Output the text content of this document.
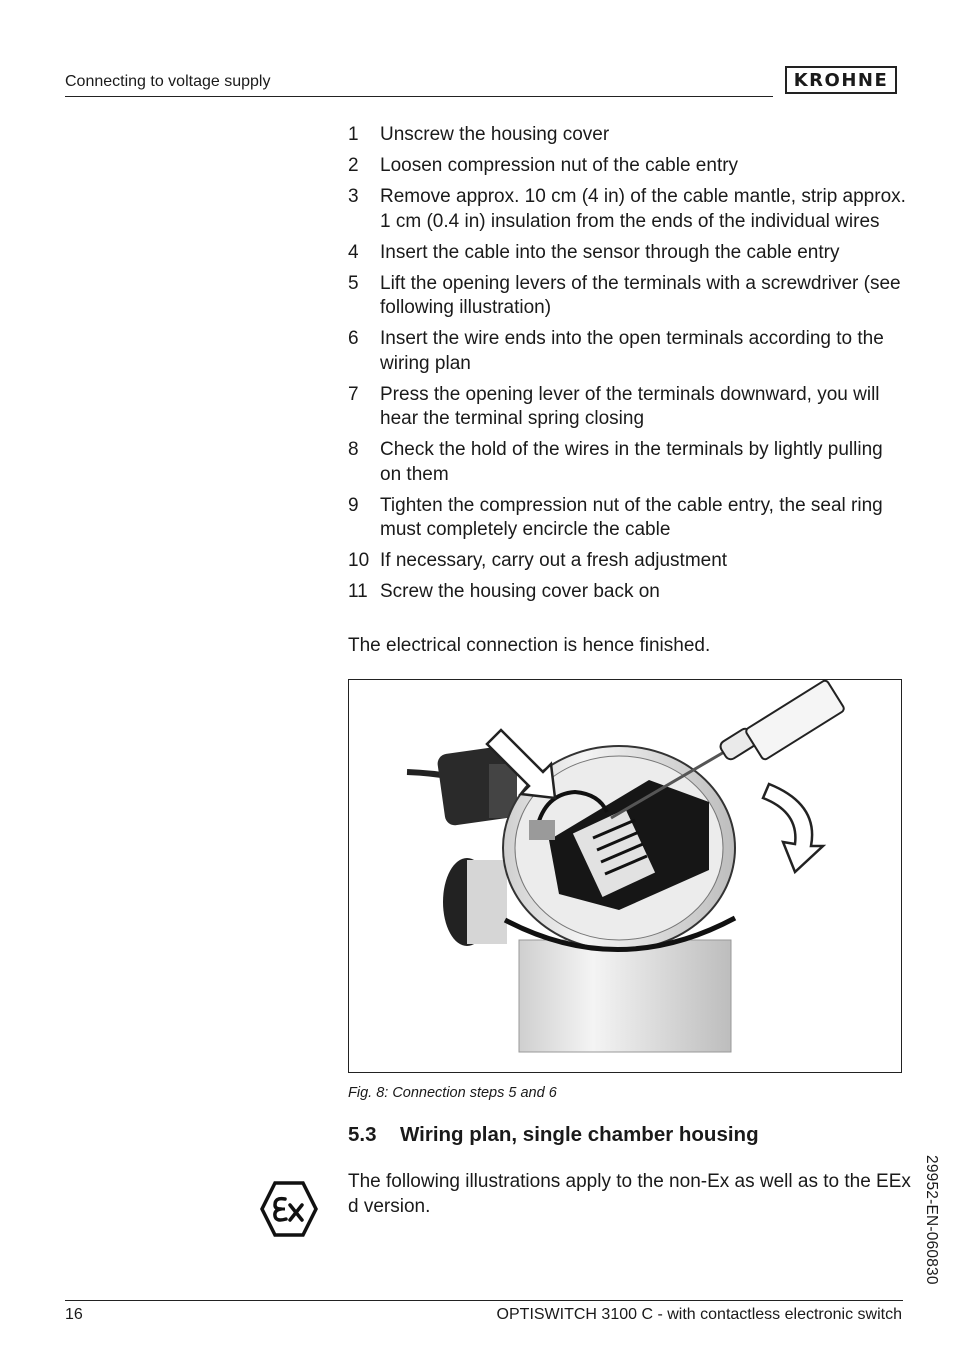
Connecting to voltage supply	KROHNE
1	Unscrew the housing cover
2	Loosen compression nut of the cable entry
3	Remove approx. 10 cm (4 in) of the cable mantle, strip approx. 1 cm (0.4 in) insulation from the ends of the individual wires
4	Insert the cable into the sensor through the cable entry
5	Lift the opening levers of the terminals with a screwdriver (see following illustration)
6	Insert the wire ends into the open terminals according to the wiring plan
7	Press the opening lever of the terminals downward, you will hear the terminal spring closing
8	Check the hold of the wires in the terminals by lightly pulling on them
9	Tighten the compression nut of the cable entry, the seal ring must completely encircle the cable
10 If necessary, carry out a fresh adjustment
11 Screw the housing cover back on
The electrical connection is hence finished.
Fig. 8: Connection steps 5 and 6
5.3 Wiring plan, single chamber housing
The following illustrations apply to the non-Ex as well as to the EEx d version.	29952-EN-060830
16	OPTISWITCH 3100 C - with contactless electronic switch
